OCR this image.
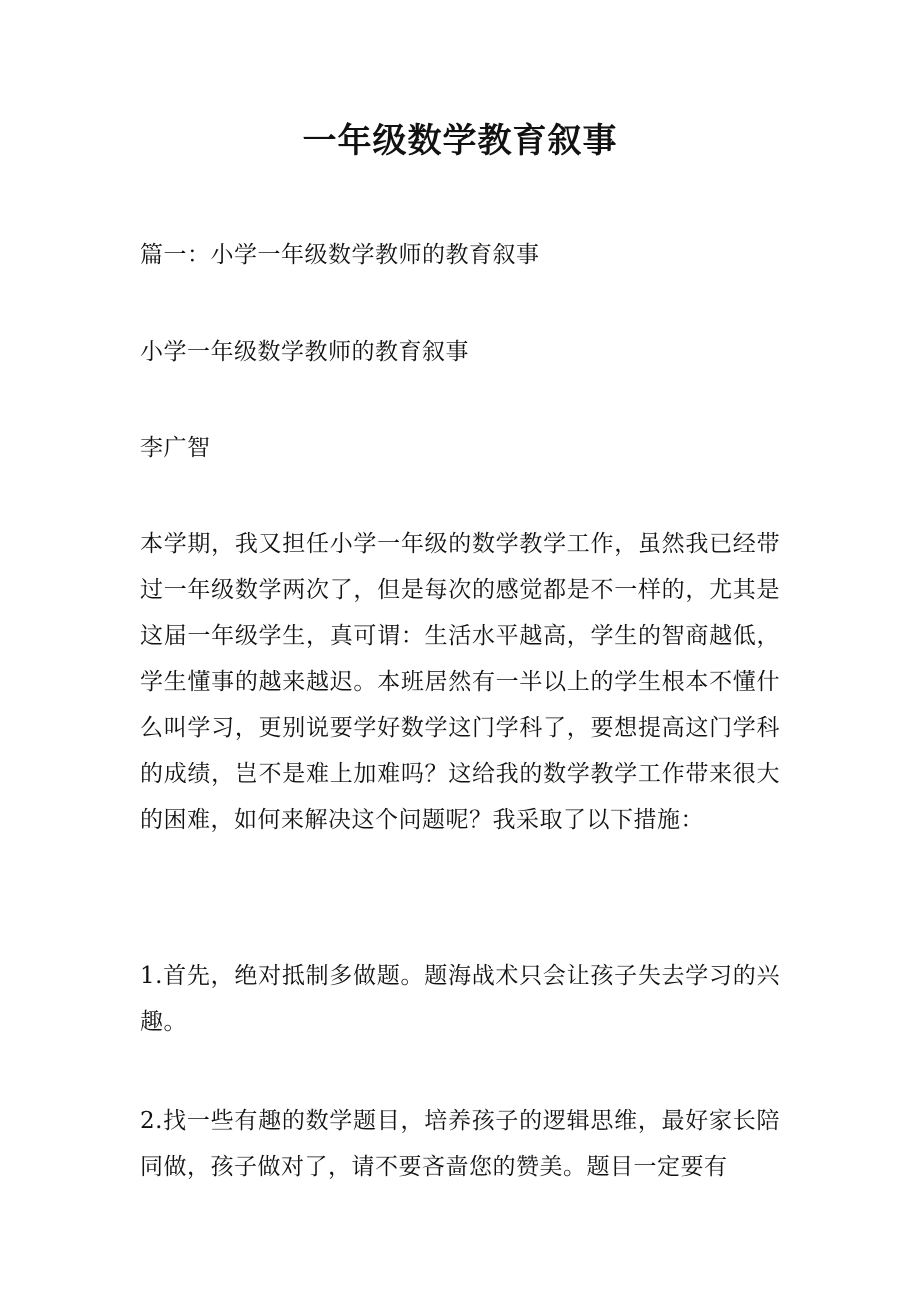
一年级数学教育叙事

篇一：小学一年级数学教师的教育叙事

小学一年级数学教师的教育叙事

李广智

本学期，我又担任小学一年级的数学教学工作，虽然我已经带过一年级数学两次了，但是每次的感觉都是不一样的，尤其是这届一年级学生，真可谓：生活水平越高，学生的智商越低，学生懂事的越来越迟。本班居然有一半以上的学生根本不懂什么叫学习，更别说要学好数学这门学科了，要想提高这门学科的成绩，岂不是难上加难吗？这给我的数学教学工作带来很大的困难，如何来解决这个问题呢？我采取了以下措施：

1.首先，绝对抵制多做题。题海战术只会让孩子失去学习的兴趣。

2.找一些有趣的数学题目，培养孩子的逻辑思维，最好家长陪同做，孩子做对了，请不要吝啬您的赞美。题目一定要有
